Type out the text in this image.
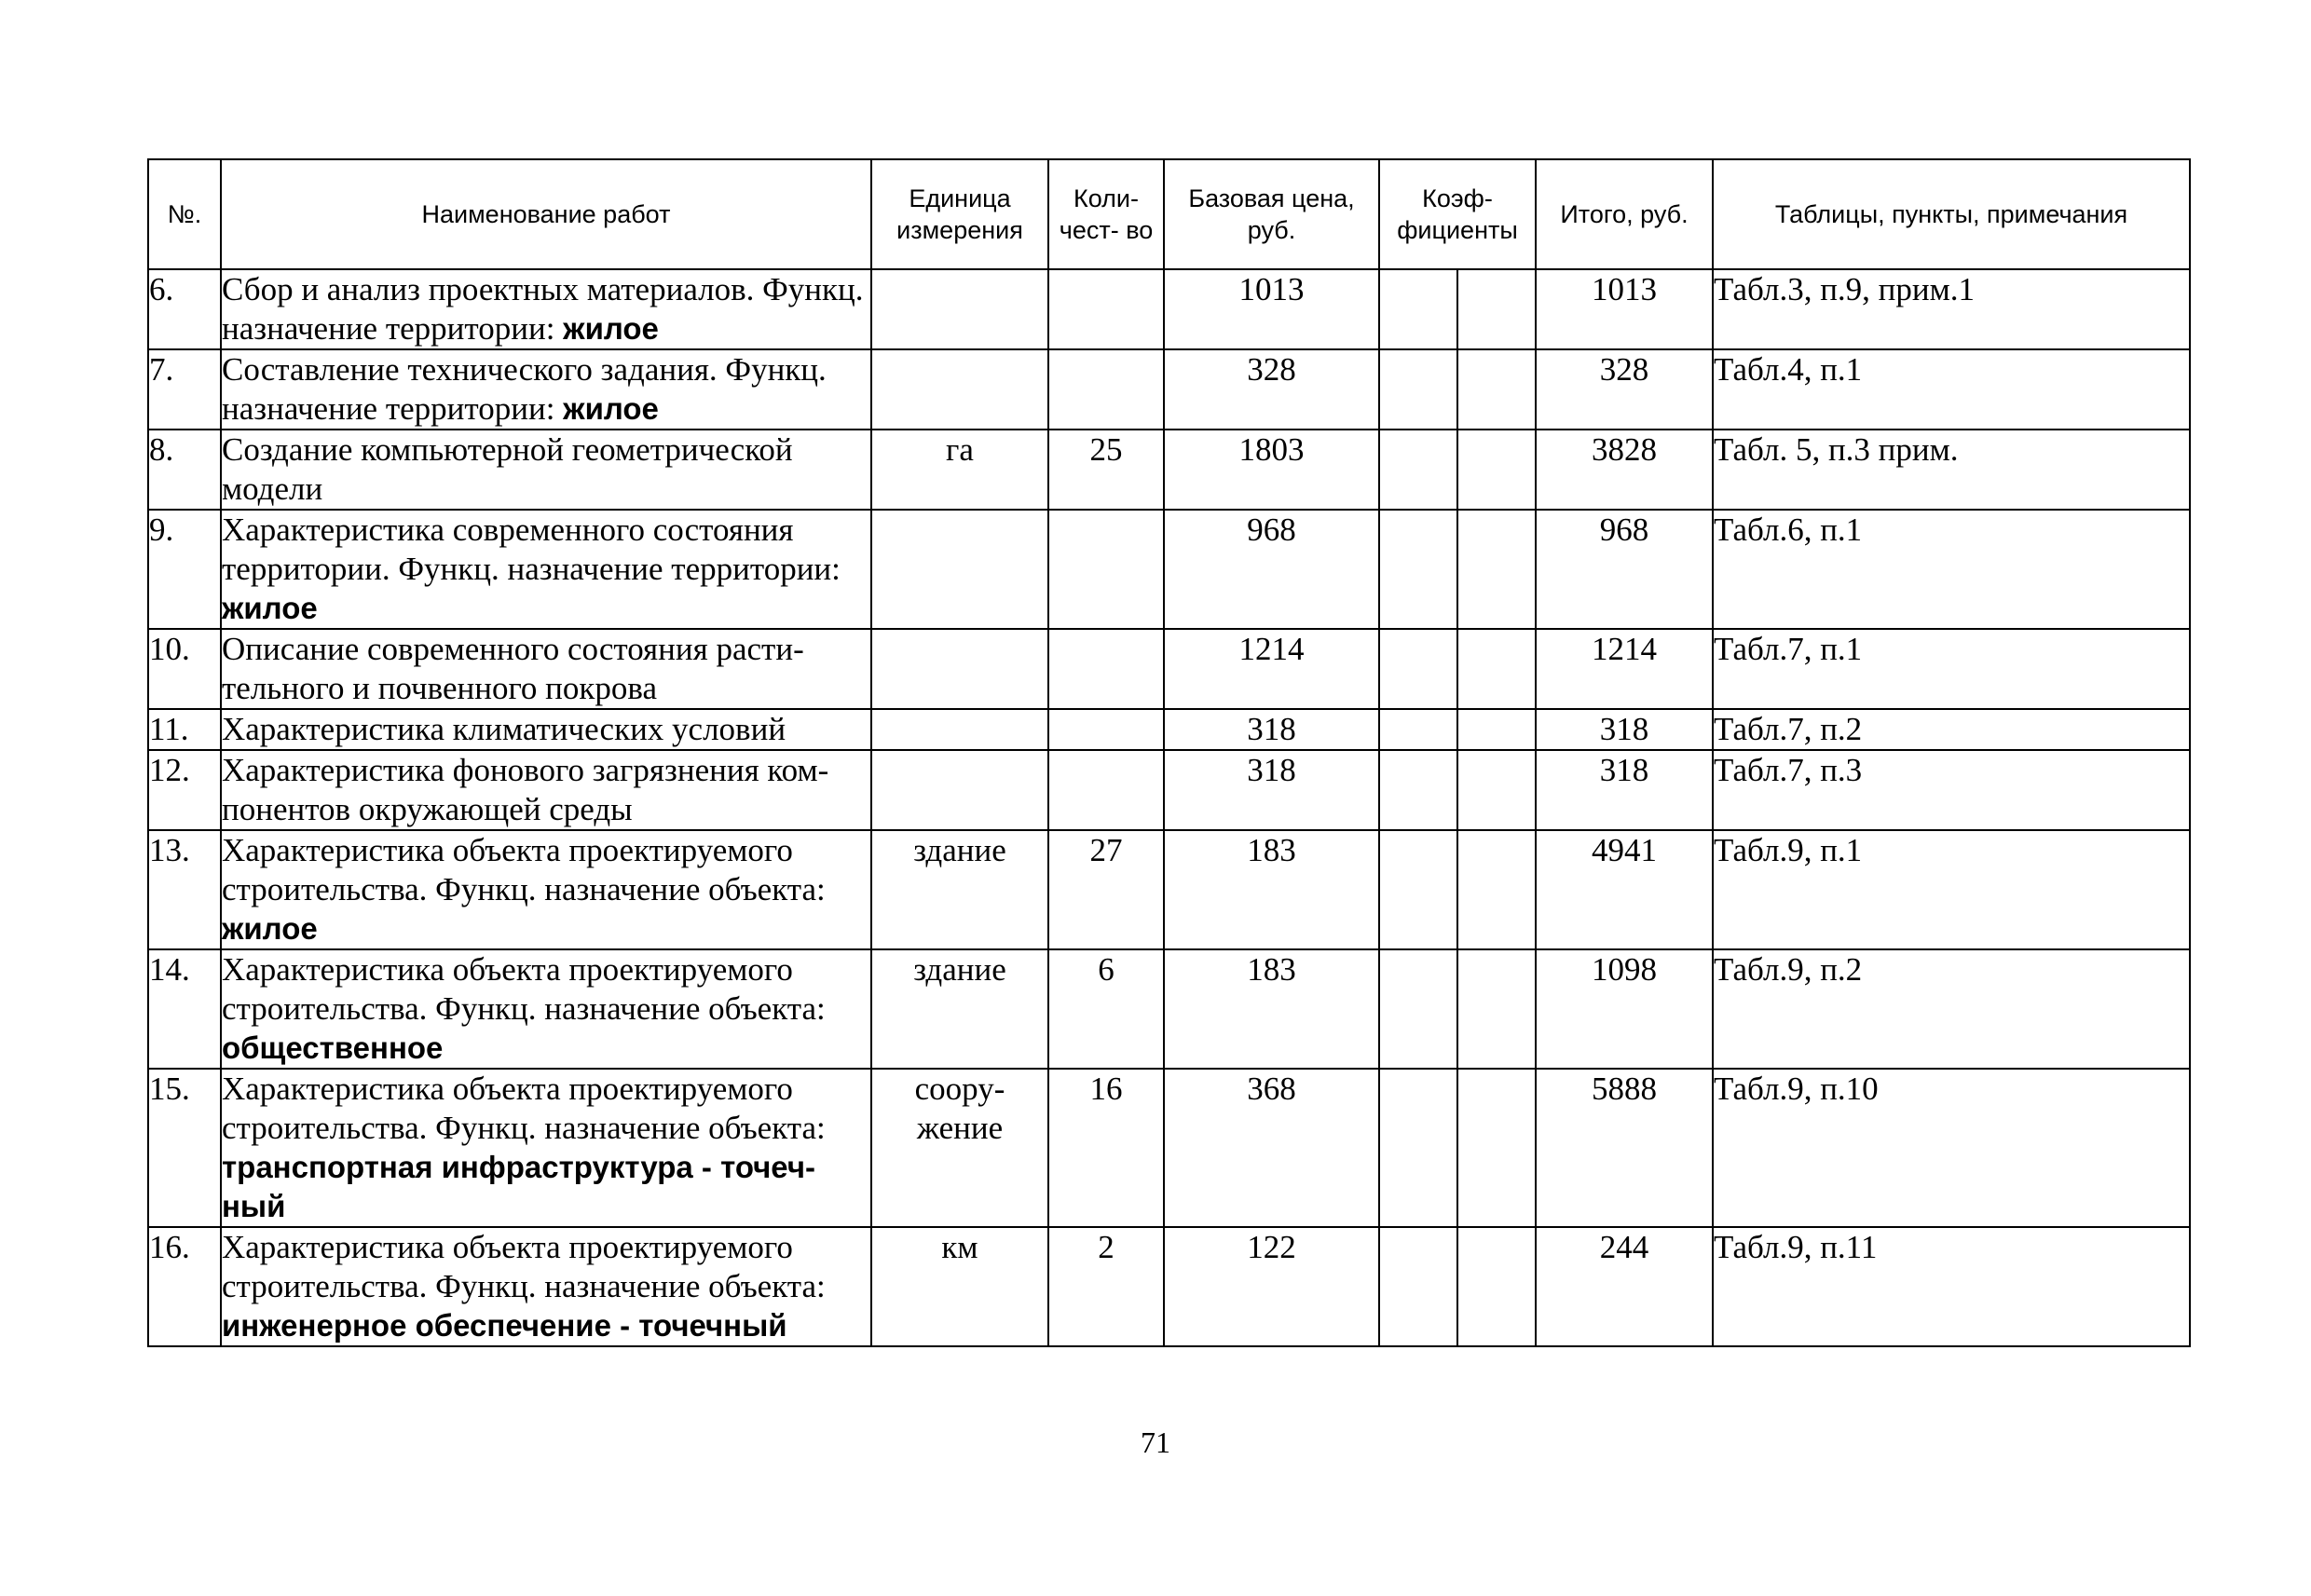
№.	Наименование работ	Единица измерения	Коли- чест- во	Базовая цена, руб.	Коэф- фициенты		Итого, руб.	Таблицы, пункты, примечания
6.	Сбор и анализ проектных материалов. Функц. назначение территории: жилое			1013			1013	Табл.3, п.9, прим.1
7.	Составление технического задания. Функц. назначение территории: жилое			328			328	Табл.4, п.1
8.	Создание компьютерной геометрической модели	га	25	1803			3828	Табл. 5, п.3 прим.
9.	Характеристика современного состояния территории. Функц. назначение территории: жилое			968			968	Табл.6, п.1
10.	Описание современного состояния расти- тельного и почвенного покрова			1214			1214	Табл.7, п.1
11.	Характеристика климатических условий			318			318	Табл.7, п.2
12.	Характеристика фонового загрязнения ком- понентов окружающей среды			318			318	Табл.7, п.3
13.	Характеристика объекта проектируемого строительства. Функц. назначение объекта: жилое	здание	27	183			4941	Табл.9, п.1
14.	Характеристика объекта проектируемого строительства. Функц. назначение объекта: общественное	здание	6	183			1098	Табл.9, п.2
15.	Характеристика объекта проектируемого строительства. Функц. назначение объекта: транспортная инфраструктура - точеч- ный	соору- жение	16	368			5888	Табл.9, п.10
16.	Характеристика объекта проектируемого строительства. Функц. назначение объекта: инженерное обеспечение - точечный	км	2	122			244	Табл.9, п.11
71
